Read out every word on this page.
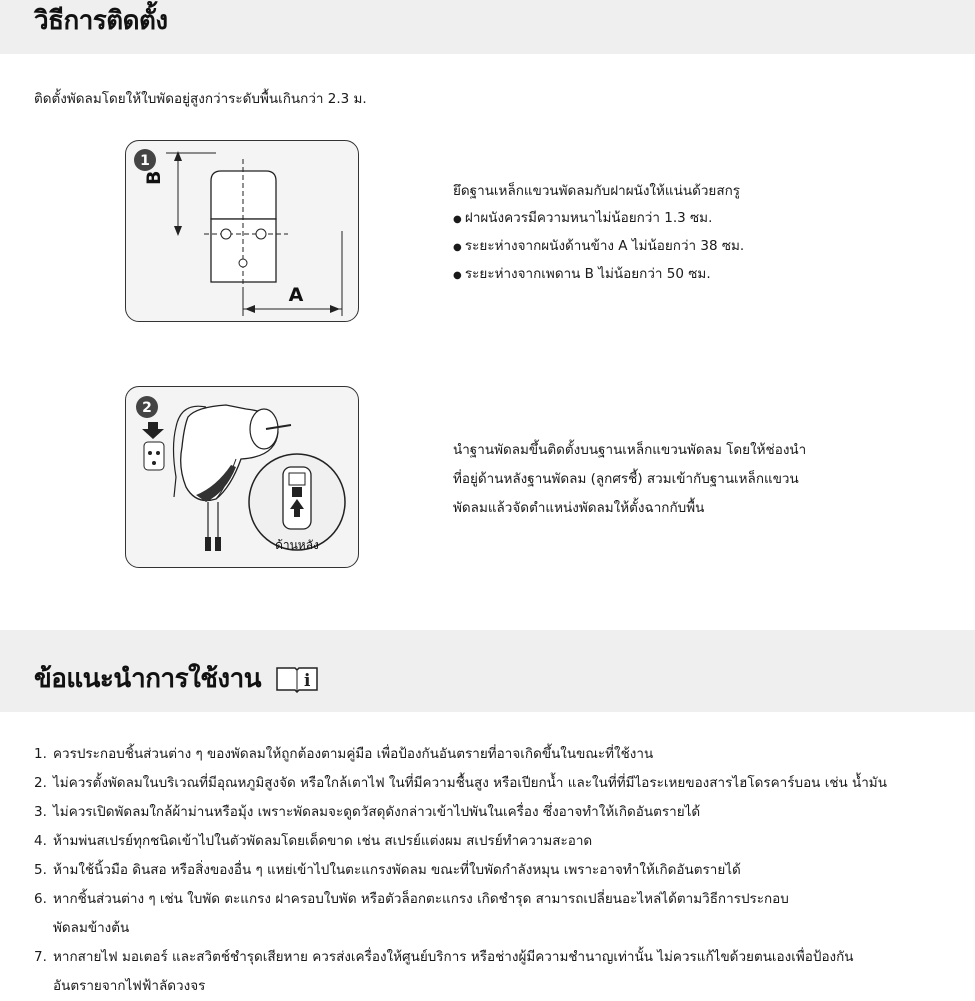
วิธีการติดตั้ง
ติดตั้งพัดลมโดยให้ใบพัดอยู่สูงกว่าระดับพื้นเกินกว่า 2.3 ม.
1
B
A

ยึดฐานเหล็กแขวนพัดลมกับฝาผนังให้แน่นด้วยสกรู

● ฝาผนังควรมีความหนาไม่น้อยกว่า 1.3 ซม.

● ระยะห่างจากผนังด้านข้าง A ไม่น้อยกว่า 38 ซม.

● ระยะห่างจากเพดาน B ไม่น้อยกว่า 50 ซม.

2
ด้านหลัง

นำฐานพัดลมขึ้นติดตั้งบนฐานเหล็กแขวนพัดลม โดยให้ช่องนำ

ที่อยู่ด้านหลังฐานพัดลม (ลูกศรชี้) สวมเข้ากับฐานเหล็กแขวน

พัดลมแล้วจัดตำแหน่งพัดลมให้ตั้งฉากกับพื้น

ข้อแนะนำการใช้งาน	i
1. ควรประกอบชิ้นส่วนต่าง ๆ ของพัดลมให้ถูกต้องตามคู่มือ เพื่อป้องกันอันตรายที่อาจเกิดขึ้นในขณะที่ใช้งาน
2. ไม่ควรตั้งพัดลมในบริเวณที่มีอุณหภูมิสูงจัด หรือใกล้เตาไฟ ในที่มีความชื้นสูง หรือเปียกน้ำ และในที่ที่มีไอระเหยของสารไฮโดรคาร์บอน เช่น น้ำมัน
3. ไม่ควรเปิดพัดลมใกล้ผ้าม่านหรือมุ้ง เพราะพัดลมจะดูดวัสดุดังกล่าวเข้าไปพันในเครื่อง ซึ่งอาจทำให้เกิดอันตรายได้
4. ห้ามพ่นสเปรย์ทุกชนิดเข้าไปในตัวพัดลมโดยเด็ดขาด เช่น สเปรย์แต่งผม สเปรย์ทำความสะอาด
5. ห้ามใช้นิ้วมือ ดินสอ หรือสิ่งของอื่น ๆ แหย่เข้าไปในตะแกรงพัดลม ขณะที่ใบพัดกำลังหมุน เพราะอาจทำให้เกิดอันตรายได้
6. หากชิ้นส่วนต่าง ๆ เช่น ใบพัด ตะแกรง ฝาครอบใบพัด หรือตัวล็อกตะแกรง เกิดชำรุด สามารถเปลี่ยนอะไหล่ได้ตามวิธีการประกอบ
พัดลมข้างต้น
7. หากสายไฟ มอเตอร์ และสวิตช์ชำรุดเสียหาย ควรส่งเครื่องให้ศูนย์บริการ หรือช่างผู้มีความชำนาญเท่านั้น ไม่ควรแก้ไขด้วยตนเองเพื่อป้องกัน
อันตรายจากไฟฟ้าลัดวงจร
